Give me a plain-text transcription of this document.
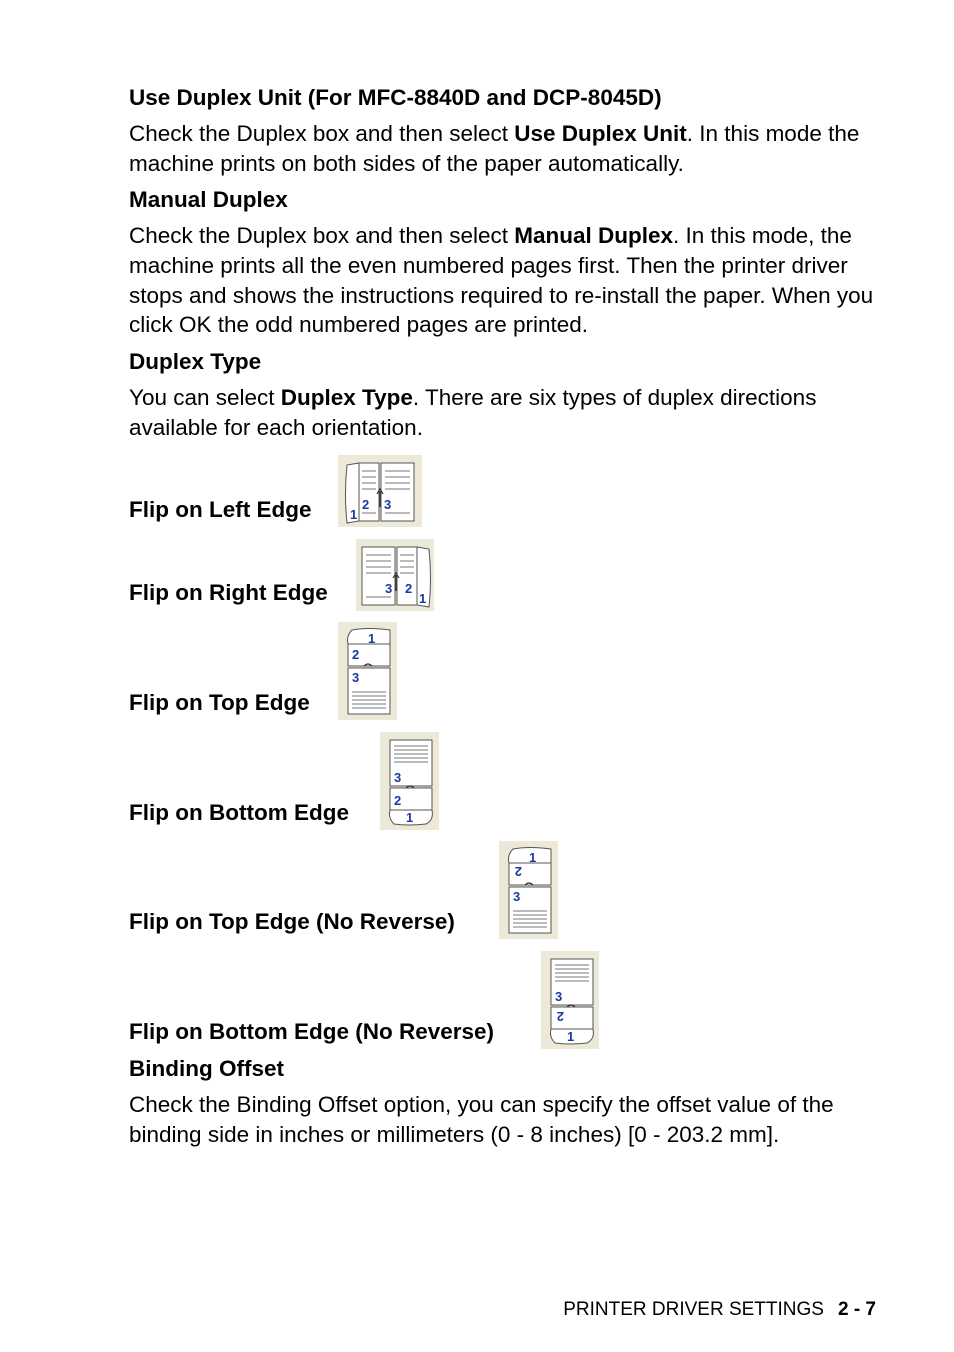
Use Duplex Unit (For MFC-8840D and DCP-8045D)
Check the Duplex box and then select Use Duplex Unit. In this mode the machine prints on both sides of the paper automatically.
Manual Duplex
Check the Duplex box and then select Manual Duplex. In this mode, the machine prints all the even numbered pages first. Then the printer driver stops and shows the instructions required to re-install the paper. When you click OK the odd numbered pages are printed.
Duplex Type
You can select Duplex Type. There are six types of duplex directions available for each orientation.
Flip on Left Edge
Flip on Right Edge
Flip on Top Edge
Flip on Bottom Edge
Flip on Top Edge (No Reverse)
Flip on Bottom Edge (No Reverse)
Binding Offset
Check the Binding Offset option, you can specify the offset value of the binding side in inches or millimeters (0 - 8 inches) [0 - 203.2 mm].
2 3
1
3 2
1
1
2
3
3
2
1
1
2
3
3
2
1
PRINTER DRIVER SETTINGS 2 - 7
